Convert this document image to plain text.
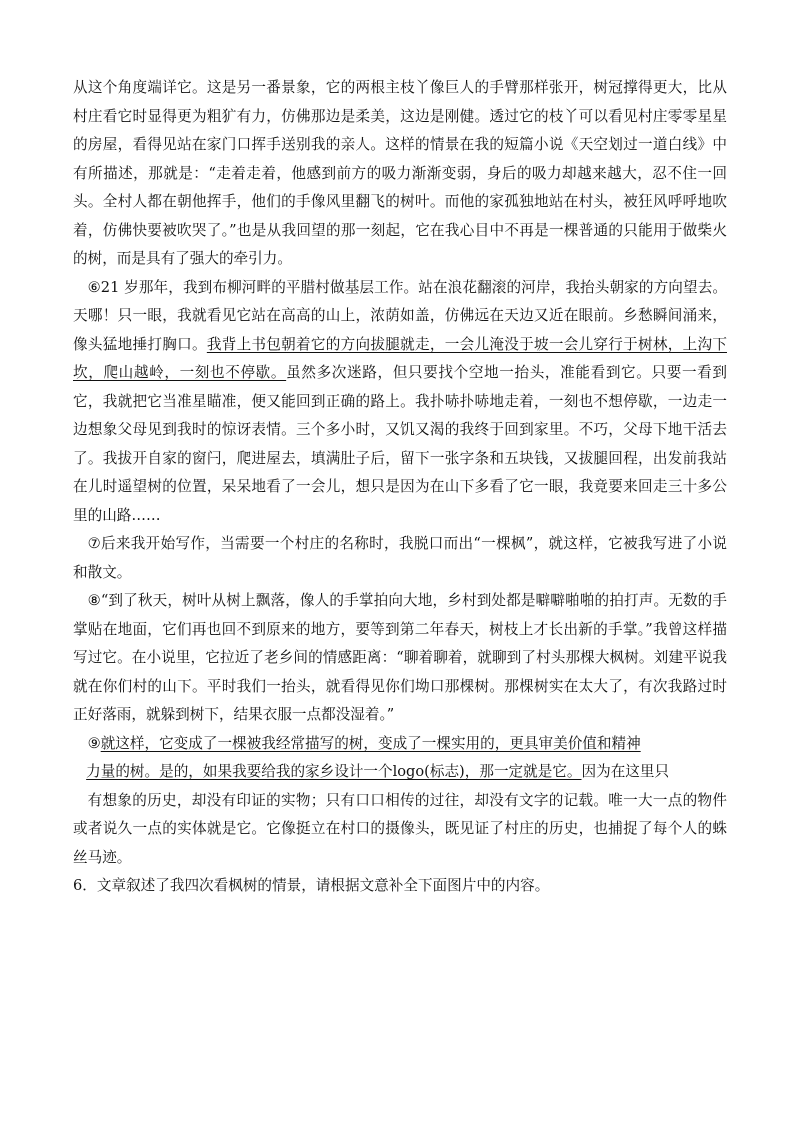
从这个角度端详它。这是另一番景象，它的两根主枝丫像巨人的手臂那样张开，树冠撑得更大，比从村庄看它时显得更为粗犷有力，仿佛那边是柔美，这边是刚健。透过它的枝丫可以看见村庄零零星星的房屋，看得见站在家门口挥手送别我的亲人。这样的情景在我的短篇小说《天空划过一道白线》中有所描述，那就是：“走着走着，他感到前方的吸力渐渐变弱，身后的吸力却越来越大，忍不住一回头。全村人都在朝他挥手，他们的手像风里翻飞的树叶。而他的家孤独地站在村头，被狂风呼呼地吹着，仿佛快要被吹哭了。”也是从我回望的那一刻起，它在我心目中不再是一棵普通的只能用于做柴火的树，而是具有了强大的牵引力。

⑥21 岁那年，我到布柳河畔的平腊村做基层工作。站在浪花翻滚的河岸，我抬头朝家的方向望去。天哪！只一眼，我就看见它站在高高的山上，浓荫如盖，仿佛远在天边又近在眼前。乡愁瞬间涌来，像头猛地捶打胸口。我背上书包朝着它的方向拔腿就走，一会儿淹没于坡一会儿穿行于树林，上沟下坎，爬山越岭，一刻也不停歇。虽然多次迷路，但只要找个空地一抬头，准能看到它。只要一看到它，我就把它当准星瞄准，便又能回到正确的路上。我扑哧扑哧地走着，一刻也不想停歇，一边走一边想象父母见到我时的惊讶表情。三个多小时，又饥又渴的我终于回到家里。不巧，父母下地干活去了。我拔开自家的窗闩，爬进屋去，填满肚子后，留下一张字条和五块钱，又拔腿回程，出发前我站在儿时遥望树的位置，呆呆地看了一会儿，想只是因为在山下多看了它一眼，我竟要来回走三十多公里的山路……

⑦后来我开始写作，当需要一个村庄的名称时，我脱口而出“一棵枫”，就这样，它被我写进了小说和散文。

⑧“到了秋天，树叶从树上飘落，像人的手掌拍向大地，乡村到处都是噼噼啪啪的拍打声。无数的手掌贴在地面，它们再也回不到原来的地方，要等到第二年春天，树枝上才长出新的手掌。”我曾这样描写过它。在小说里，它拉近了老乡间的情感距离：“聊着聊着，就聊到了村头那棵大枫树。刘建平说我就在你们村的山下。平时我们一抬头，就看得见你们坳口那棵树。那棵树实在太大了，有次我路过时正好落雨，就躲到树下，结果衣服一点都没湿着。”

⑨就这样，它变成了一棵被我经常描写的树，变成了一棵实用的，更具审美价值和精神

力量的树。是的，如果我要给我的家乡设计一个logo(标志)，那一定就是它。因为在这里只

有想象的历史，却没有印证的实物；只有口口相传的过往，却没有文字的记载。唯一大一点的物件或者说久一点的实体就是它。它像挺立在村口的摄像头，既见证了村庄的历史，也捕捉了每个人的蛛丝马迹。

6．文章叙述了我四次看枫树的情景，请根据文意补全下面图片中的内容。
